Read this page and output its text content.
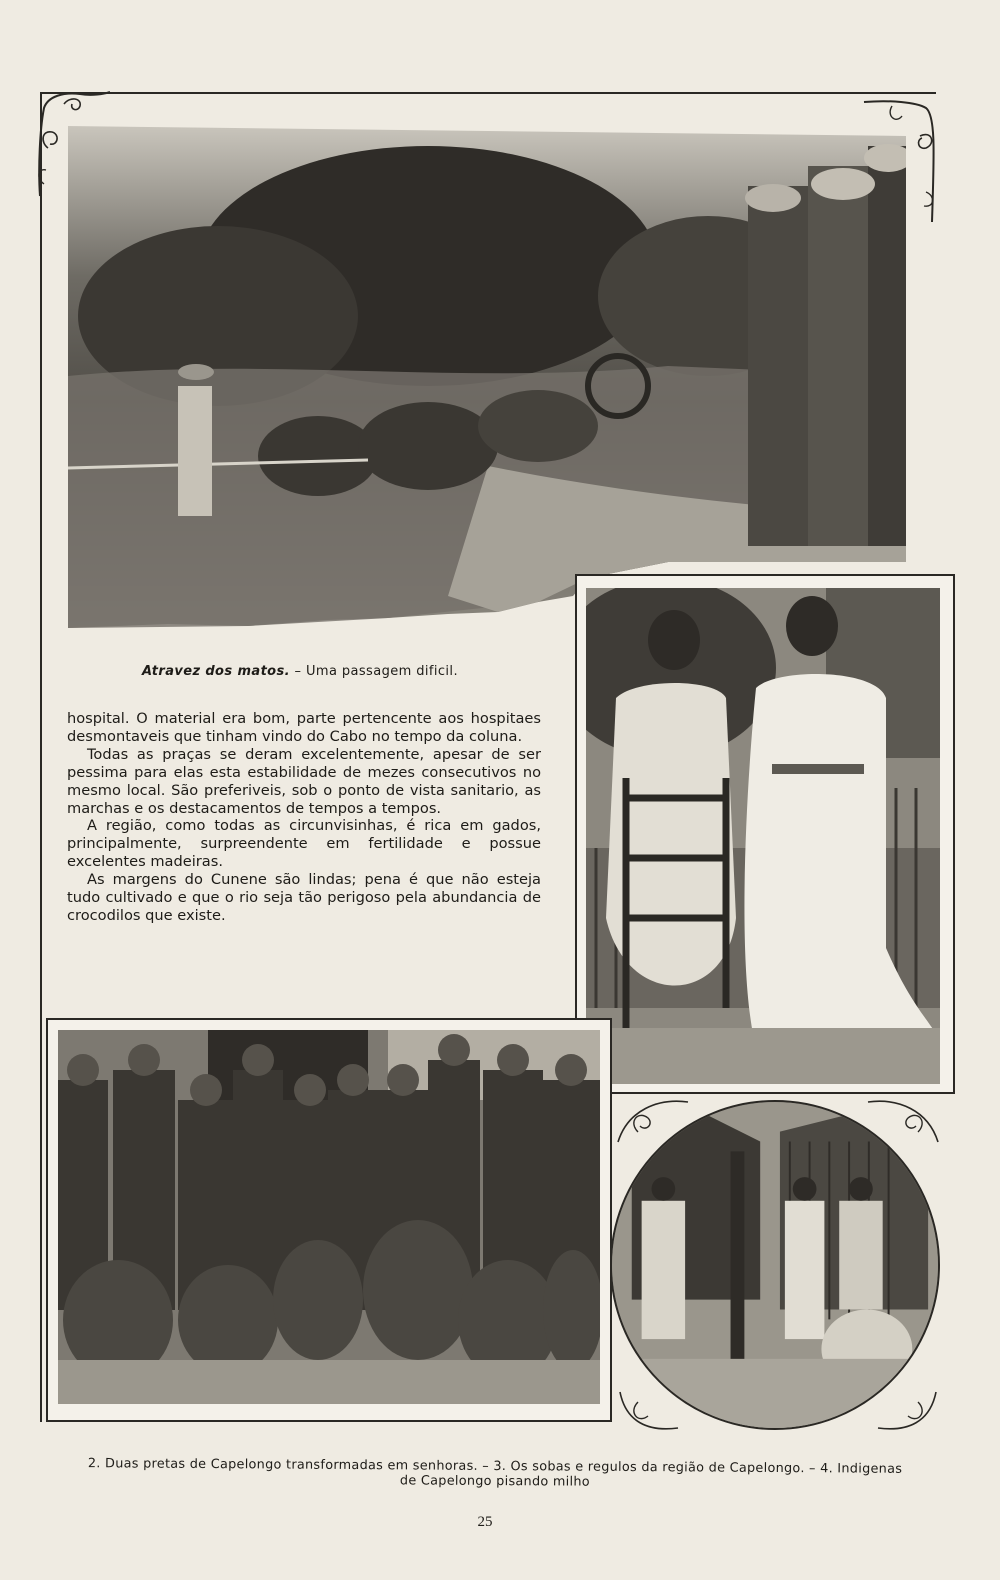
Atravez dos matos. – Uma passagem dificil.

hospital. O material era bom, parte pertencente aos hospitaes desmontaveis que tinham vindo do Cabo no tempo da coluna.

Todas as praças se deram excelentemente, apesar de ser pessima para elas esta estabilidade de mezes consecutivos no mesmo local. São preferiveis, sob o ponto de vista sanitario, as marchas e os destacamentos de tempos a tempos.

A região, como todas as circunvisinhas, é rica em gados, principalmente, surpreendente em fertilidade e possue excelentes madeiras.

As margens do Cunene são lindas; pena é que não esteja tudo cultivado e que o rio seja tão perigoso pela abundancia de crocodilos que existe.

2. Duas pretas de Capelongo transformadas em senhoras. – 3. Os sobas e regulos da região de Capelongo. – 4. Indigenas
de Capelongo pisando milho
25
